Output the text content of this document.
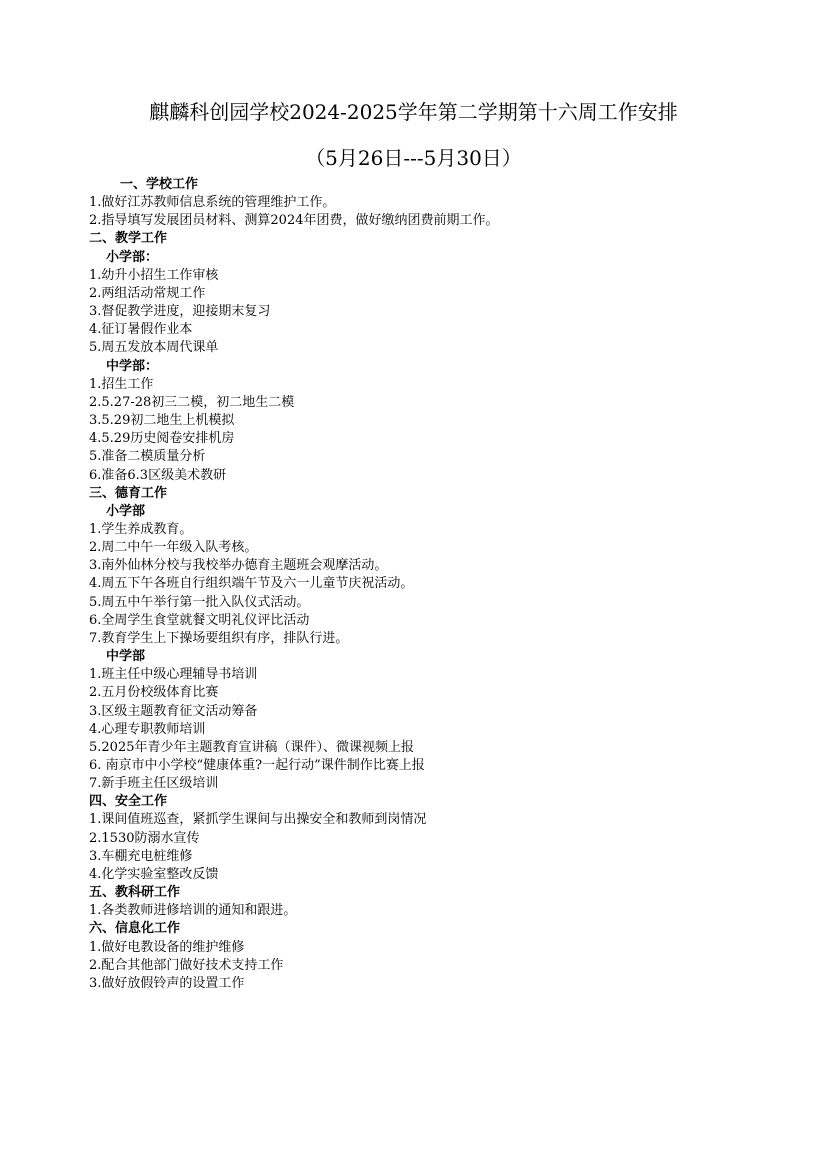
麒麟科创园学校2024-2025学年第二学期第十六周工作安排
（5月26日---5月30日）
一、学校工作
1.做好江苏教师信息系统的管理维护工作。
2.指导填写发展团员材料、测算2024年团费，做好缴纳团费前期工作。
二、教学工作
小学部：
1.幼升小招生工作审核
2.两组活动常规工作
3.督促教学进度，迎接期末复习
4.征订暑假作业本
5.周五发放本周代课单
中学部：
1.招生工作
2.5.27-28初三二模，初二地生二模
3.5.29初二地生上机模拟
4.5.29历史阅卷安排机房
5.准备二模质量分析
6.准备6.3区级美术教研
三、德育工作
小学部
1.学生养成教育。
2.周二中午一年级入队考核。
3.南外仙林分校与我校举办德育主题班会观摩活动。
4.周五下午各班自行组织端午节及六一儿童节庆祝活动。
5.周五中午举行第一批入队仪式活动。
6.全周学生食堂就餐文明礼仪评比活动
7.教育学生上下操场要组织有序，排队行进。
中学部
1.班主任中级心理辅导书培训
2.五月份校级体育比赛
3.区级主题教育征文活动筹备
4.心理专职教师培训
5.2025年青少年主题教育宣讲稿（课件）、微课视频上报
6. 南京市中小学校“健康体重?一起行动”课件制作比赛上报
7.新手班主任区级培训
四、安全工作
1.课间值班巡查，紧抓学生课间与出操安全和教师到岗情况
2.1530防溺水宣传
3.车棚充电桩维修
4.化学实验室整改反馈
五、教科研工作
1.各类教师进修培训的通知和跟进。
六、信息化工作
1.做好电教设备的维护维修
2.配合其他部门做好技术支持工作
3.做好放假铃声的设置工作
